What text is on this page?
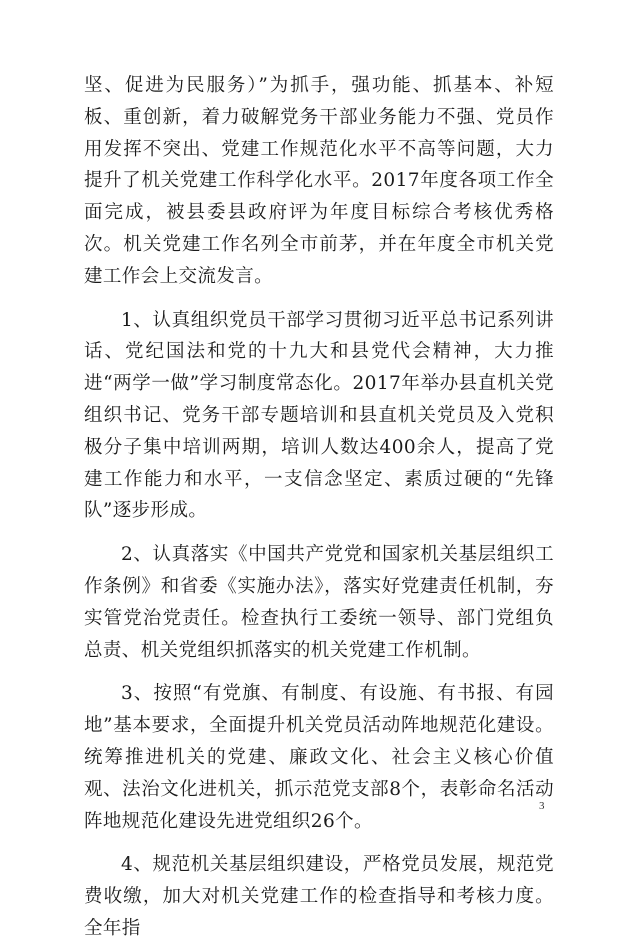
坚、促进为民服务）”为抓手，强功能、抓基本、补短板、重创新，着力破解党务干部业务能力不强、党员作用发挥不突出、党建工作规范化水平不高等问题，大力提升了机关党建工作科学化水平。2017年度各项工作全面完成，被县委县政府评为年度目标综合考核优秀格次。机关党建工作名列全市前茅，并在年度全市机关党建工作会上交流发言。

1、认真组织党员干部学习贯彻习近平总书记系列讲话、党纪国法和党的十九大和县党代会精神，大力推进“两学一做”学习制度常态化。2017年举办县直机关党组织书记、党务干部专题培训和县直机关党员及入党积极分子集中培训两期，培训人数达400余人，提高了党建工作能力和水平，一支信念坚定、素质过硬的“先锋队”逐步形成。

2、认真落实《中国共产党党和国家机关基层组织工作条例》和省委《实施办法》，落实好党建责任机制，夯实管党治党责任。检查执行工委统一领导、部门党组负总责、机关党组织抓落实的机关党建工作机制。

3、按照“有党旗、有制度、有设施、有书报、有园地”基本要求，全面提升机关党员活动阵地规范化建设。统筹推进机关的党建、廉政文化、社会主义核心价值观、法治文化进机关，抓示范党支部8个，表彰命名活动阵地规范化建设先进党组织26个。

4、规范机关基层组织建设，严格党员发展，规范党费收缴，加大对机关党建工作的检查指导和考核力度。全年指

3
